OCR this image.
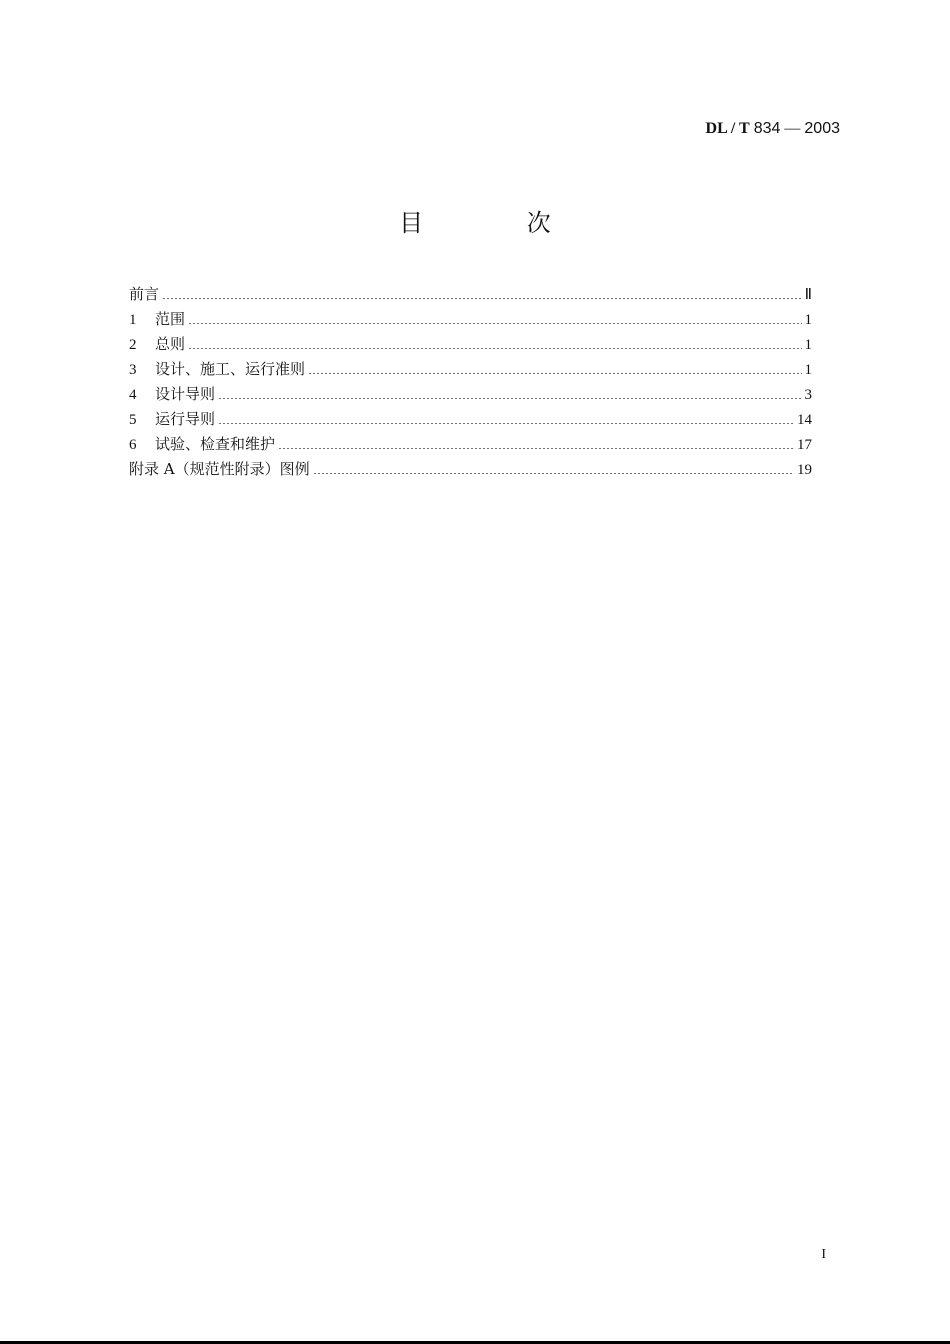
DL / T 834 — 2003
目 次
前言	Ⅱ
1	范围	1
2	总则	1
3	设计、施工、运行准则	1
4	设计导则	3
5	运行导则	14
6	试验、检查和维护	17
附录 A（规范性附录）图例	19
I
